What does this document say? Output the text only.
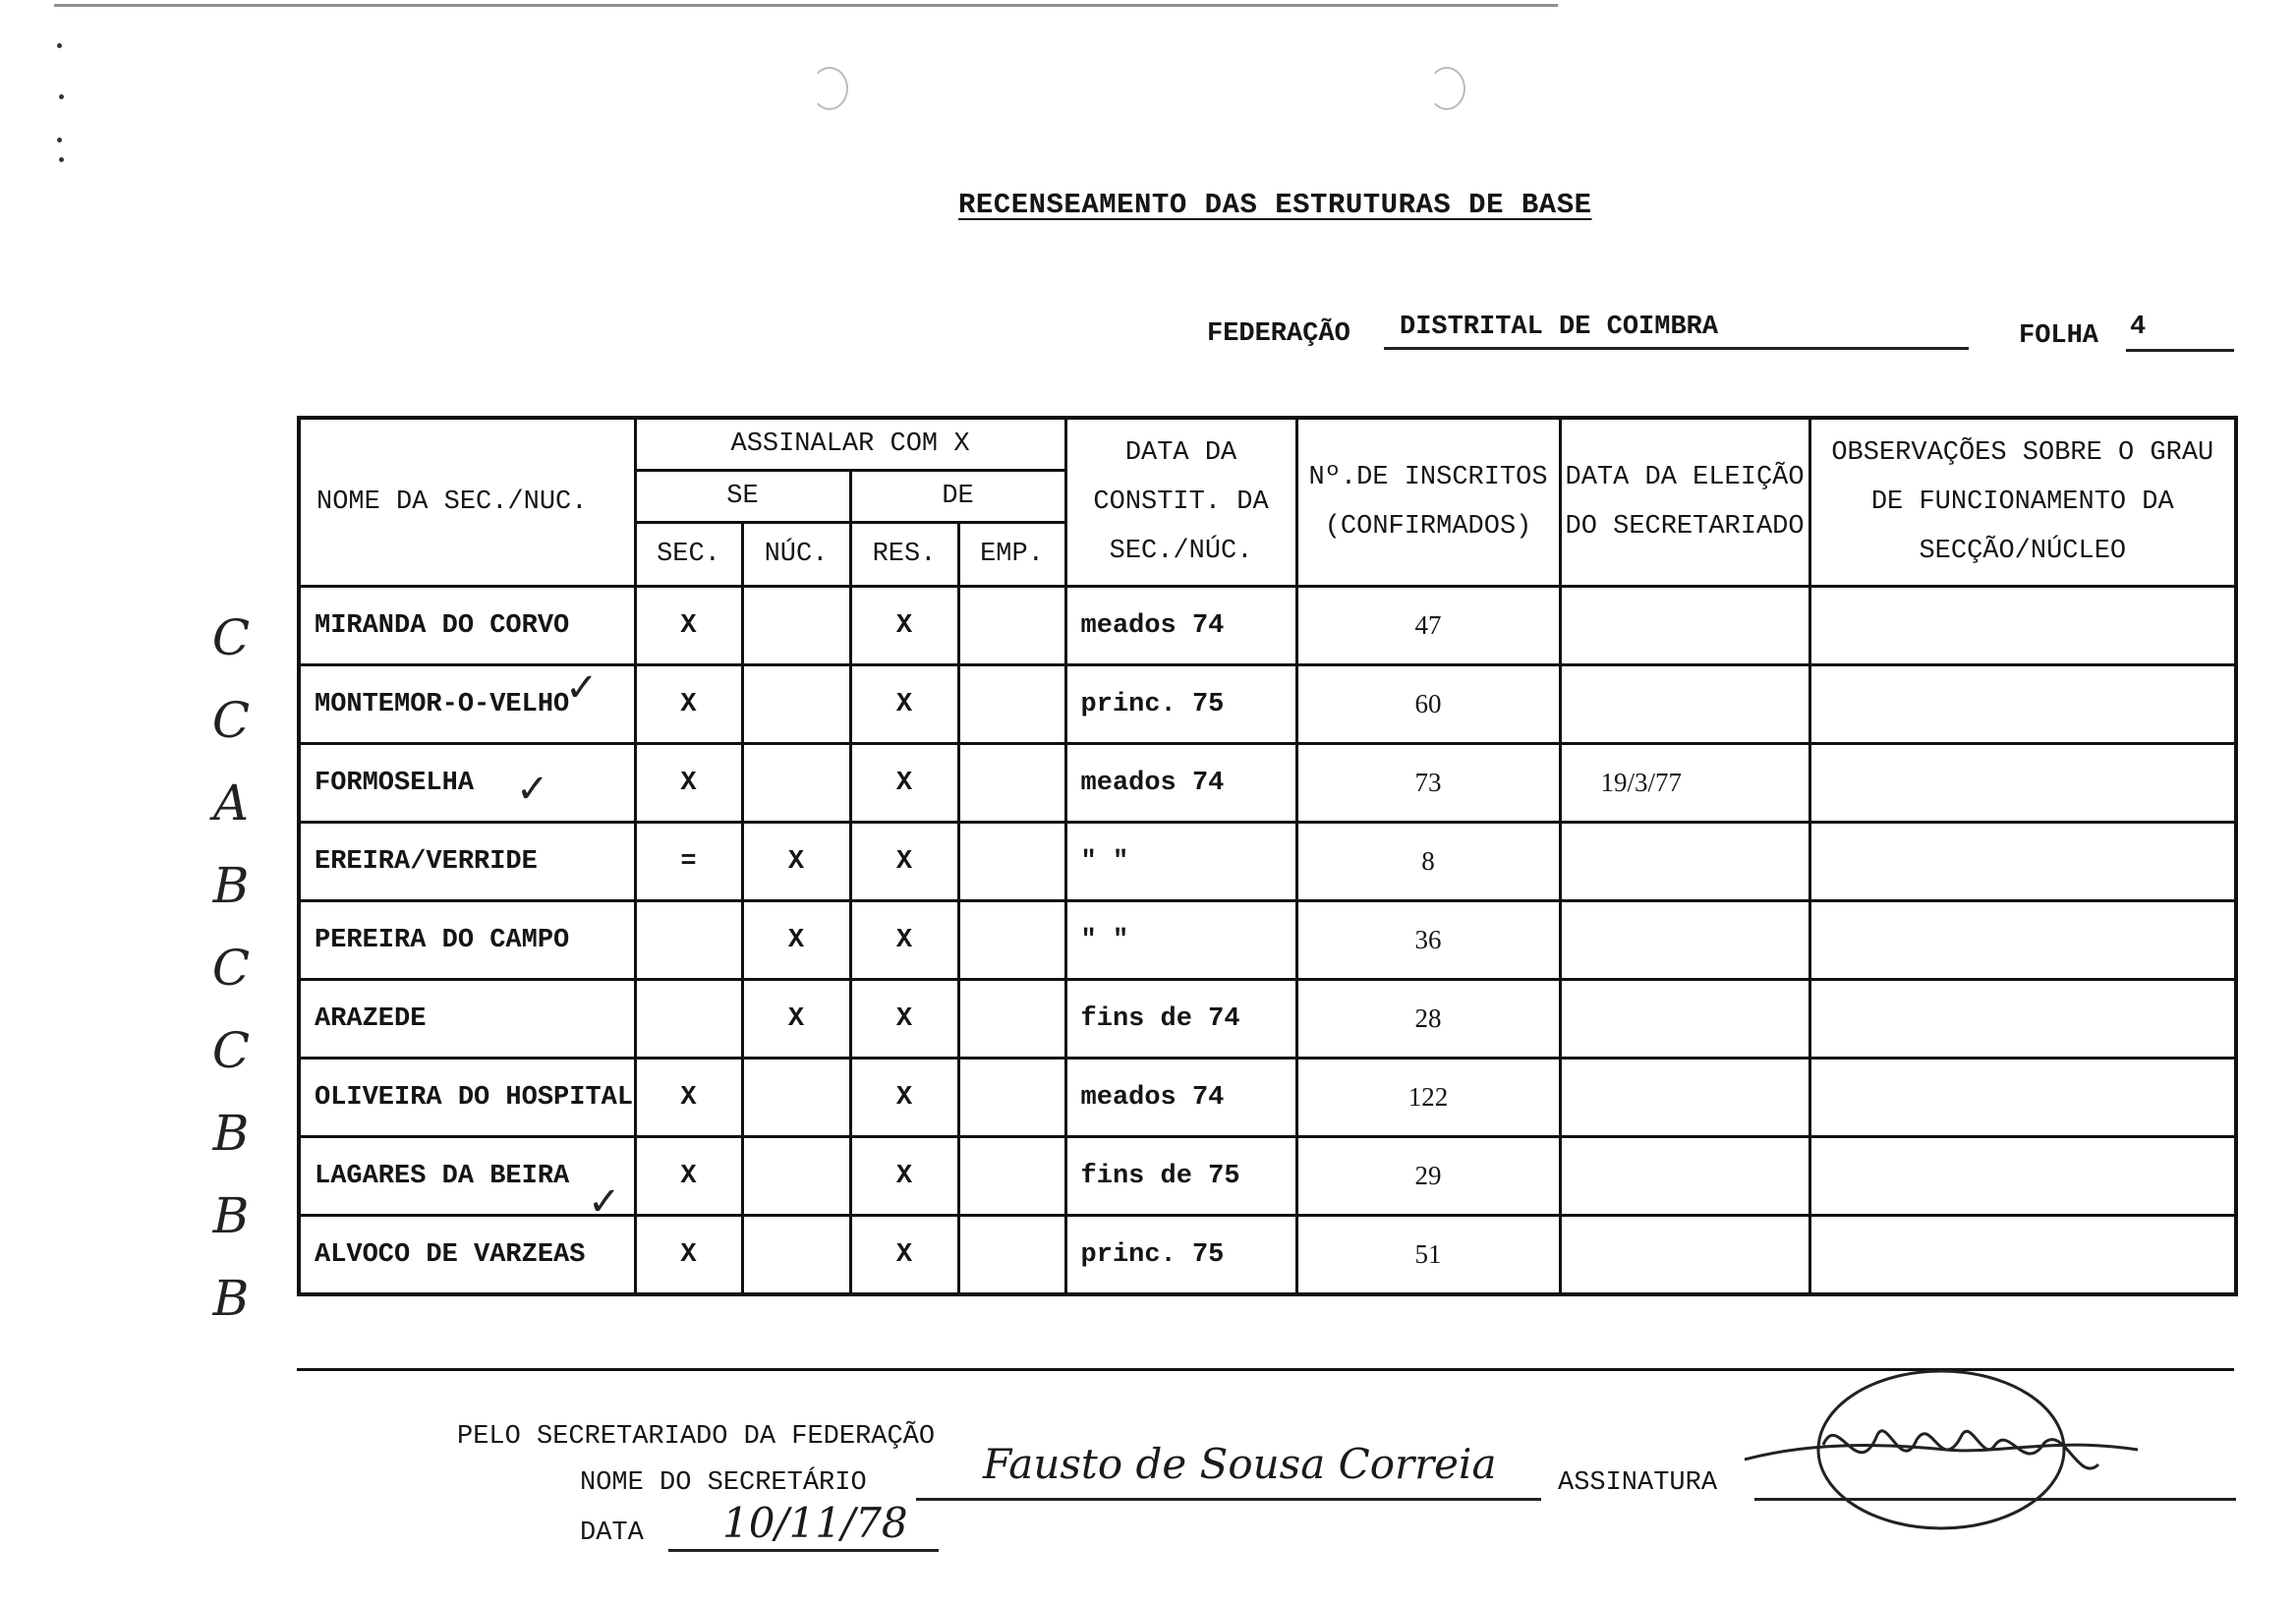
RECENSEAMENTO DAS ESTRUTURAS DE BASE
FEDERAÇÃO	DISTRITAL DE COIMBRA	FOLHA 4
NOME DA SEC./NUC.	ASSINALAR COM X				DATA DA CONSTIT. DA SEC./NÚC.	Nº.DE INSCRITOS (CONFIRMADOS)	DATA DA ELEIÇÃO DO SECRETARIADO	OBSERVAÇÕES SOBRE O GRAU DE FUNCIONAMENTO DA SECÇÃO/NÚCLEO
	SE		DE					
	SEC.	NÚC.	RES.	EMP.				
MIRANDA DO CORVO	X		X		meados 74	47		
MONTEMOR-O-VELHO	X		X		princ. 75	60		
FORMOSELHA	X		X		meados 74	73	19/3/77	
EREIRA/VERRIDE	=	X	X		" "	8		
PEREIRA DO CAMPO		X	X		" "	36		
ARAZEDE		X	X		fins de 74	28		
OLIVEIRA DO HOSPITAL	X		X		meados 74	122		
LAGARES DA BEIRA	X		X		fins de 75	29		
ALVOCO DE VARZEAS	X		X		princ. 75	51		
C
✓
C
A	✓
B
C
C
B
B	✓
B
PELO SECRETARIADO DA FEDERAÇÃO
NOME DO SECRETÁRIO	Fausto de Sousa Correia ASSINATURA
DATA 10/11/78
